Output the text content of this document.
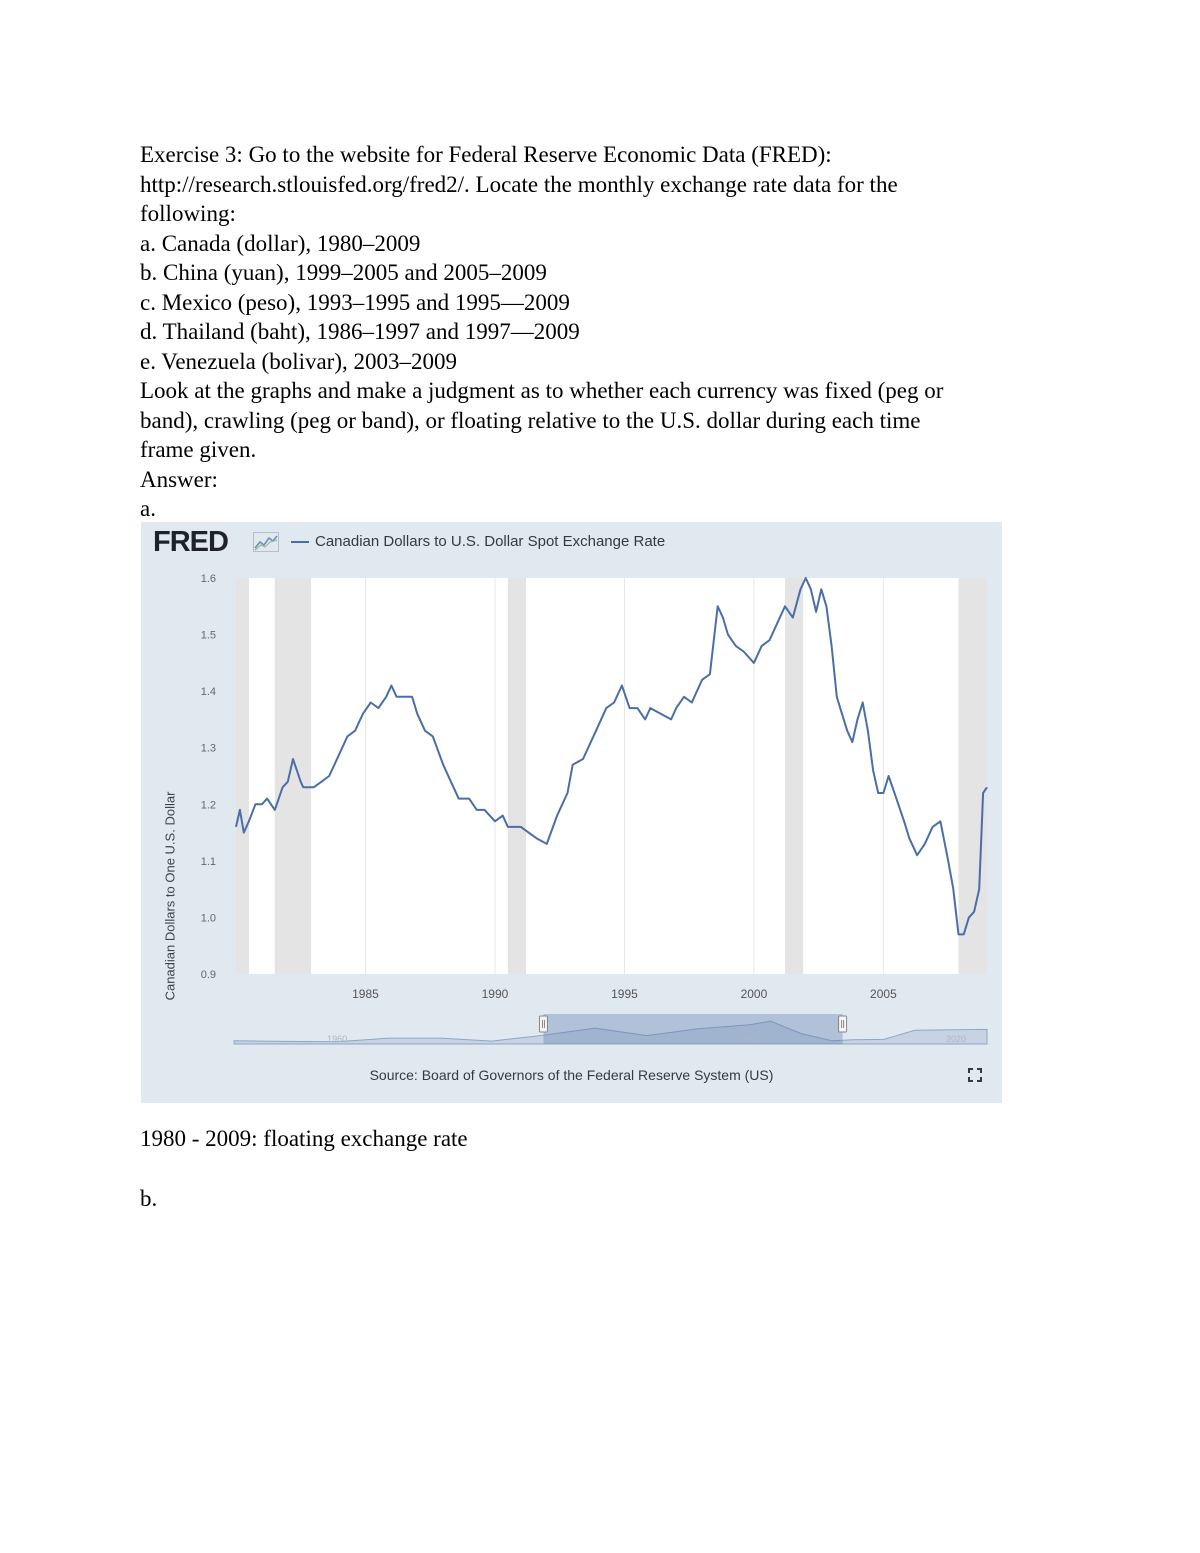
Exercise 3: Go to the website for Federal Reserve Economic Data (FRED):
http://research.stlouisfed.org/fred2/. Locate the monthly exchange rate data for the
following:
a. Canada (dollar), 1980–2009
b. China (yuan), 1999–2005 and 2005–2009
c. Mexico (peso), 1993–1995 and 1995—2009
d. Thailand (baht), 1986–1997 and 1997—2009
e. Venezuela (bolivar), 2003–2009
Look at the graphs and make a judgment as to whether each currency was fixed (peg or
band), crawling (peg or band), or floating relative to the U.S. dollar during each time
frame given.
Answer:
a.
FRED	Canadian Dollars to U.S. Dollar Spot Exchange Rate
Canadian Dollars to One U.S. Dollar	1985	1990	1995	2000	2005
1.6
1.5
1.4
1.3
1.2
1.1
1.0
0.9
1960	2000	2020
Source: Board of Governors of the Federal Reserve System (US)
1980 - 2009: floating exchange rate
b.
